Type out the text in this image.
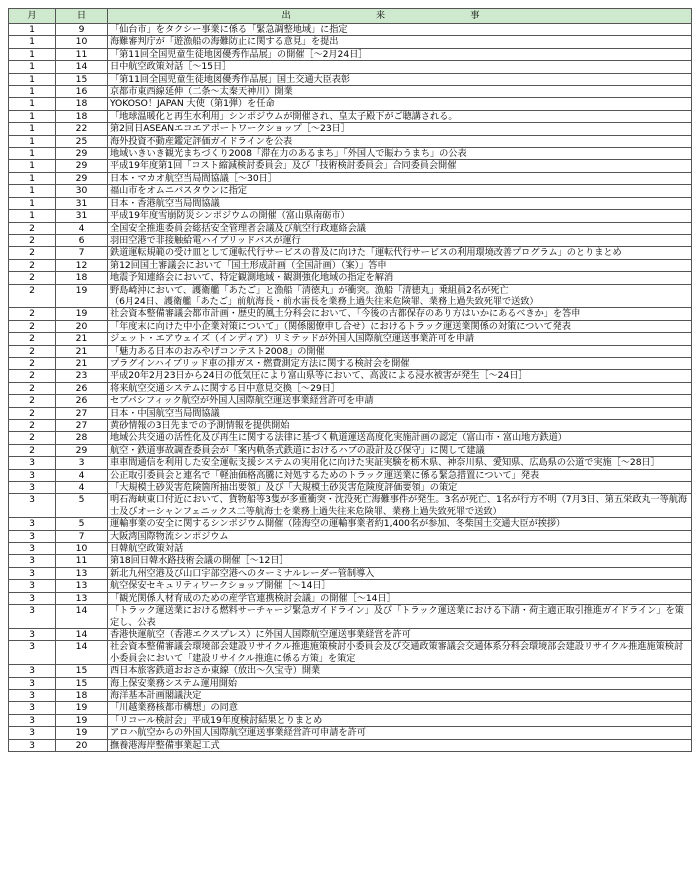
月	日	出　来　事
1	9	「仙台市」をタクシー事業に係る「緊急調整地域」に指定
1	10	海難審判庁が「遊漁船の海難防止に関する意見」を提出
1	11	「第11回全国児童生徒地図優秀作品展」の開催［～2月24日］
1	14	日中航空政策対話［～15日］
1	15	「第11回全国児童生徒地図優秀作品展」国土交通大臣表彰
1	16	京都市東西線延伸（二条～太秦天神川）開業
1	18	YOKOSO！JAPAN 大使（第1弾）を任命
1	18	「地球温暖化と再生水利用」シンポジウムが開催され、皇太子殿下がご聴講される。
1	22	第2回日ASEANエコエアポートワークショップ［～23日］
1	25	海外投資不動産鑑定評価ガイドラインを公表
1	29	地域いきいき観光まちづくり2008「滞在力のあるまち」「外国人で賑わうまち」の公表
1	29	平成19年度第1回「コスト縮減検討委員会」及び「技術検討委員会」合同委員会開催
1	29	日本・マカオ航空当局間協議［～30日］
1	30	福山市をオムニバスタウンに指定
1	31	日本・香港航空当局間協議
1	31	平成19年度雪崩防災シンポジウムの開催（富山県南砺市）
2	4	全国安全推進委員会総括安全管理者会議及び航空行政連絡会議
2	6	羽田空港で非接触給電ハイブリッドバスが運行
2	7	鉄道運転規範の受け皿として運転代行サービスの普及に向けた「運転代行サービスの利用環境改善プログラム」のとりまとめ
2	12	第12回国土審議会において「国土形成計画（全国計画）（案）」答申
2	18	地震予知連絡会において、特定観測地域・観測強化地域の指定を解消
2	19	野島崎沖において、護衛艦「あたご」と漁船「清徳丸」が衝突。漁船「清徳丸」乗組員2名が死亡
（6月24日、護衛艦「あたご」前航海長・前水雷長を業務上過失往来危険罪、業務上過失致死罪で送致）
2	19	社会資本整備審議会都市計画・歴史的風土分科会において、「今後の古都保存のあり方はいかにあるべきか」を答申
2	20	「年度末に向けた中小企業対策について」（関係閣僚申し合せ）におけるトラック運送業関係の対策について発表
2	21	ジェット・エアウェイズ（インディア）リミテッドが外国人国際航空運送事業許可を申請
2	21	「魅力ある日本のおみやげコンテスト2008」の開催
2	21	プラグインハイブリッド車の排ガス・燃費測定方法に関する検討会を開催
2	23	平成20年2月23日から24日の低気圧により富山県等において、高波による浸水被害が発生［～24日］
2	26	将来航空交通システムに関する日中意見交換［～29日］
2	26	セブパシフィック航空が外国人国際航空運送事業経営許可を申請
2	27	日本・中国航空当局間協議
2	27	黄砂情報の3日先までの予測情報を提供開始
2	28	地域公共交通の活性化及び再生に関する法律に基づく軌道運送高度化実施計画の認定（富山市・富山地方鉄道）
2	29	航空・鉄道事故調査委員会が「案内軌条式鉄道におけるハブの設計及び保守」に関して建議
3	3	車車間通信を利用した安全運転支援システムの実用化に向けた実証実験を栃木県、神奈川県、愛知県、広島県の公道で実施［～28日］
3	4	公正取引委員会と連名で「軽油価格高騰に対処するためのトラック運送業に係る緊急措置について」発表
3	4	「大規模土砂災害危険箇所抽出要領」及び「大規模土砂災害危険度評価要領」の策定
3	5	明石海峡東口付近において、貨物船等3隻が多重衝突・沈没死亡海難事件が発生。3名が死亡、1名が行方不明（7月3日、第五栄政丸一等航海士及びオーシャンフェニックス二等航海士を業務上過失往来危険罪、業務上過失致死罪で送致）
3	5	運輸事業の安全に関するシンポジウム開催（陸海空の運輸事業者約1,400名が参加、冬柴国土交通大臣が挨拶）
3	7	大阪湾国際物流シンポジウム
3	10	日韓航空政策対話
3	11	第18回日韓水路技術会議の開催［～12日］
3	13	新北九州空港及び山口宇部空港へのターミナルレーダー管制導入
3	13	航空保安セキュリティワークショップ開催［～14日］
3	13	「観光関係人材育成のための産学官連携検討会議」の開催［～14日］
3	14	「トラック運送業における燃料サーチャージ緊急ガイドライン」及び「トラック運送業における下請・荷主適正取引推進ガイドライン」を策定し、公表
3	14	香港快運航空（香港エクスプレス）に外国人国際航空運送事業経営を許可
3	14	社会資本整備審議会環境部会建設リサイクル推進施策検討小委員会及び交通政策審議会交通体系分科会環境部会建設リサイクル推進施策検討小委員会において「建設リサイクル推進に係る方策」を策定
3	15	西日本旅客鉄道おおさか東線（放出～久宝寺）開業
3	15	海上保安業務システム運用開始
3	18	海洋基本計画閣議決定
3	19	「川越業務核都市構想」の同意
3	19	「リコール検討会」平成19年度検討結果とりまとめ
3	19	アロハ航空からの外国人国際航空運送事業経営許可申請を許可
3	20	撫養港海岸整備事業起工式
